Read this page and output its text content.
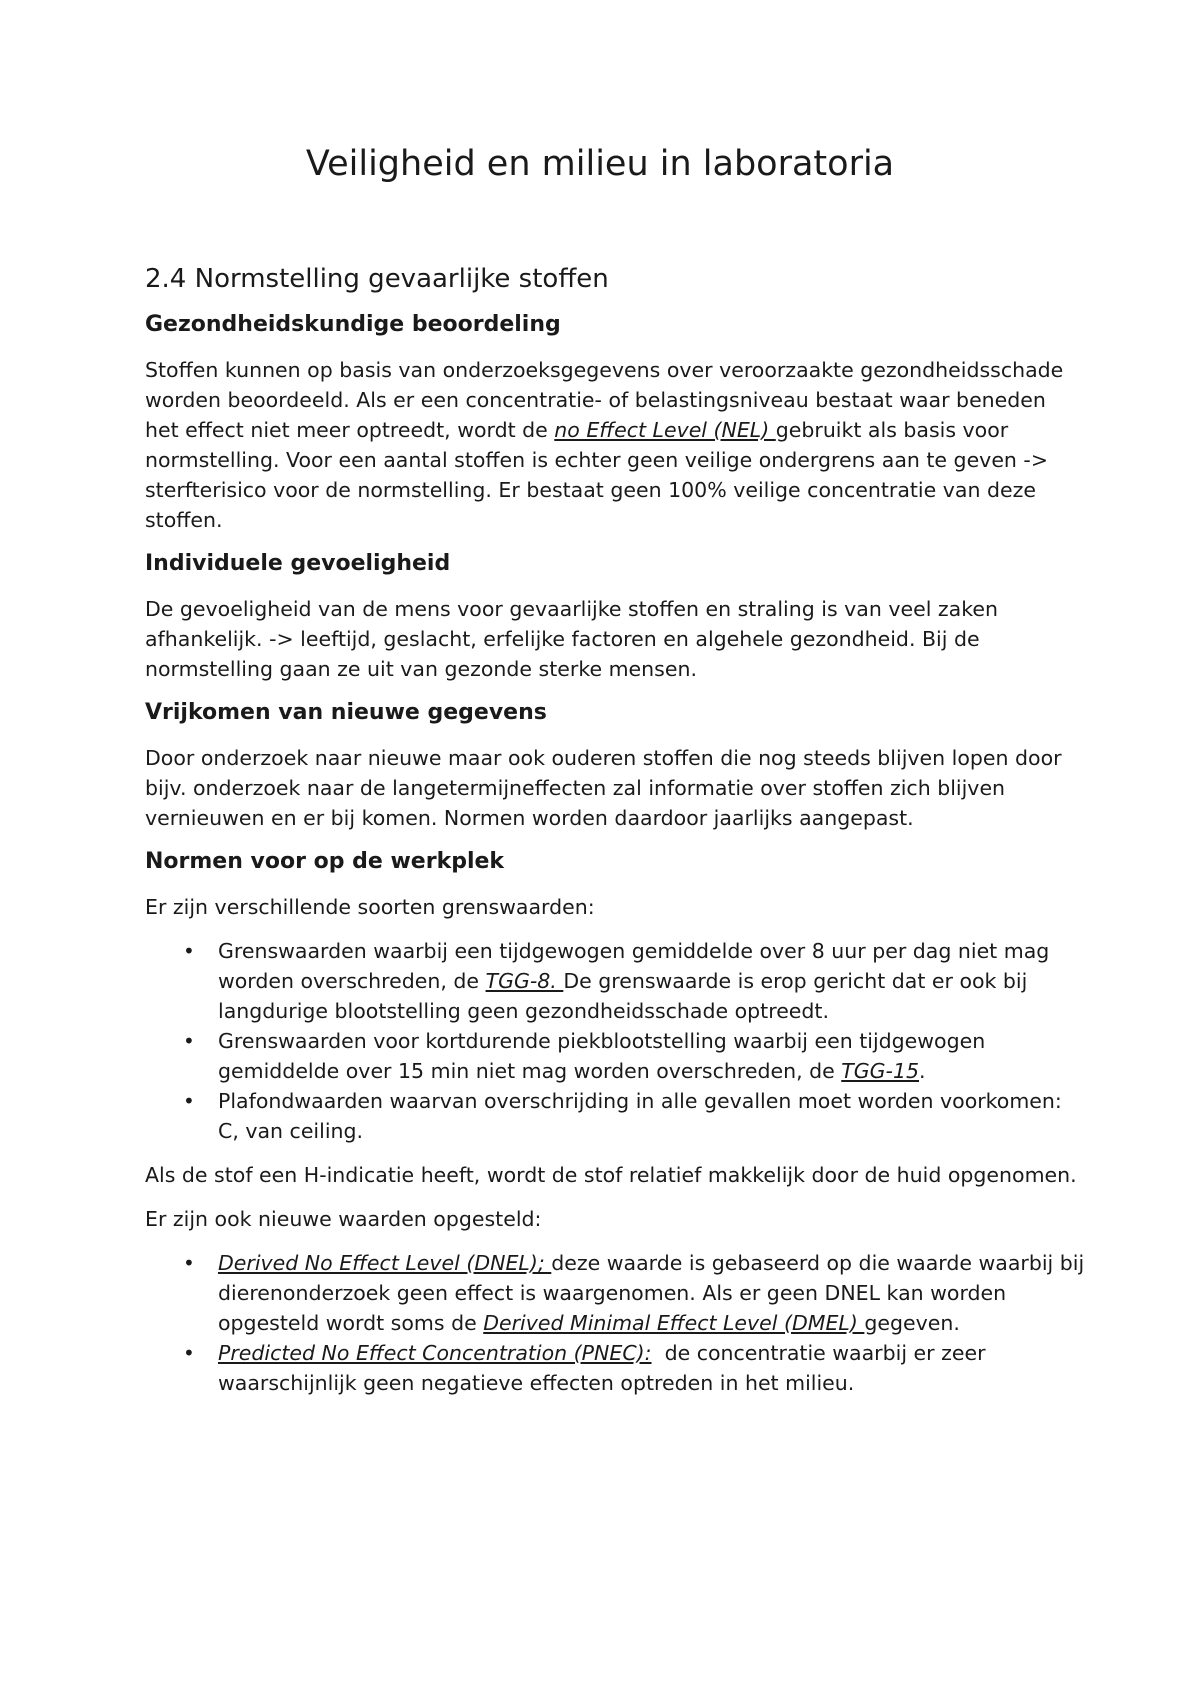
Veiligheid en milieu in laboratoria
2.4 Normstelling gevaarlijke stoffen
Gezondheidskundige beoordeling

Stoffen kunnen op basis van onderzoeksgegevens over veroorzaakte gezondheidsschade worden beoordeeld. Als er een concentratie- of belastingsniveau bestaat waar beneden het effect niet meer optreedt, wordt de no Effect Level (NEL) gebruikt als basis voor normstelling. Voor een aantal stoffen is echter geen veilige ondergrens aan te geven -> sterfterisico voor de normstelling. Er bestaat geen 100% veilige concentratie van deze stoffen.

Individuele gevoeligheid

De gevoeligheid van de mens voor gevaarlijke stoffen en straling is van veel zaken afhankelijk. -> leeftijd, geslacht, erfelijke factoren en algehele gezondheid. Bij de normstelling gaan ze uit van gezonde sterke mensen.

Vrijkomen van nieuwe gegevens

Door onderzoek naar nieuwe maar ook ouderen stoffen die nog steeds blijven lopen door bijv. onderzoek naar de langetermijneffecten zal informatie over stoffen zich blijven vernieuwen en er bij komen. Normen worden daardoor jaarlijks aangepast.

Normen voor op de werkplek

Er zijn verschillende soorten grenswaarden:

• Grenswaarden waarbij een tijdgewogen gemiddelde over 8 uur per dag niet mag worden overschreden, de TGG-8. De grenswaarde is erop gericht dat er ook bij langdurige blootstelling geen gezondheidsschade optreedt.
• Grenswaarden voor kortdurende piekblootstelling waarbij een tijdgewogen gemiddelde over 15 min niet mag worden overschreden, de TGG-15.
• Plafondwaarden waarvan overschrijding in alle gevallen moet worden voorkomen: C, van ceiling.

Als de stof een H-indicatie heeft, wordt de stof relatief makkelijk door de huid opgenomen.

Er zijn ook nieuwe waarden opgesteld:

• Derived No Effect Level (DNEL); deze waarde is gebaseerd op die waarde waarbij bij dierenonderzoek geen effect is waargenomen. Als er geen DNEL kan worden opgesteld wordt soms de Derived Minimal Effect Level (DMEL) gegeven.
• Predicted No Effect Concentration (PNEC):  de concentratie waarbij er zeer waarschijnlijk geen negatieve effecten optreden in het milieu.
